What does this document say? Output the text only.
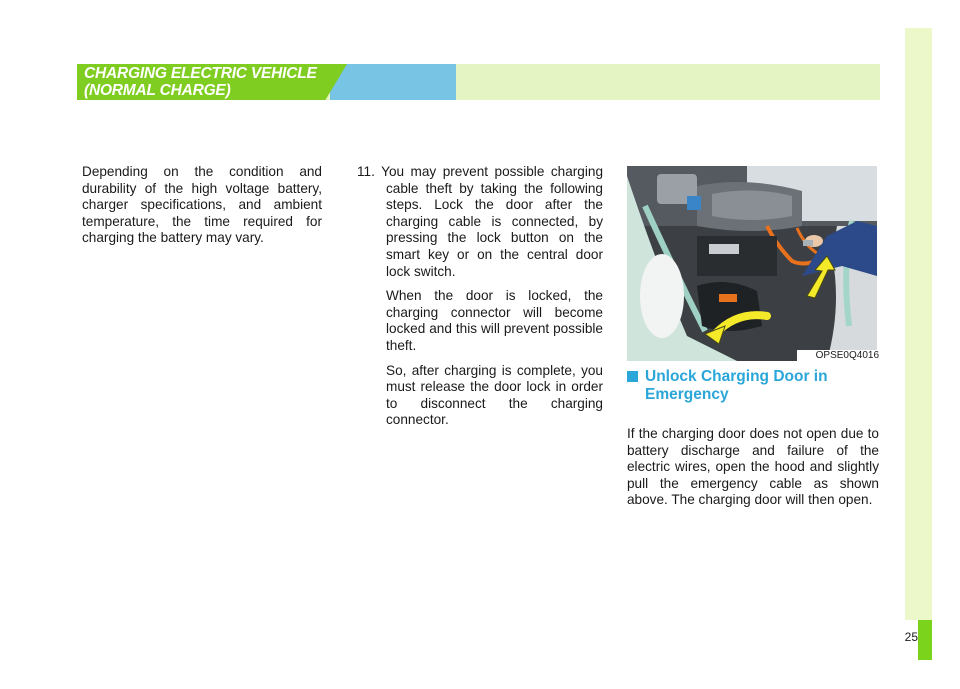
25
CHARGING ELECTRIC VEHICLE
(NORMAL CHARGE)

Depending on the condition and durability of the high voltage battery, charger specifications, and ambient temperature, the time required for charging the battery may vary.

11. You may prevent possible charging cable theft by taking the following steps. Lock the door after the charging cable is connected, by pressing the lock button on the smart key or on the central door lock switch.

When the door is locked, the charging connector will become locked and this will prevent possible theft.

So, after charging is complete, you must release the door lock in order to disconnect the charging connector.

OPSE0Q4016
Unlock Charging Door in Emergency

If the charging door does not open due to battery discharge and failure of the electric wires, open the hood and slightly pull the emergency cable as shown above. The charging door will then open.
